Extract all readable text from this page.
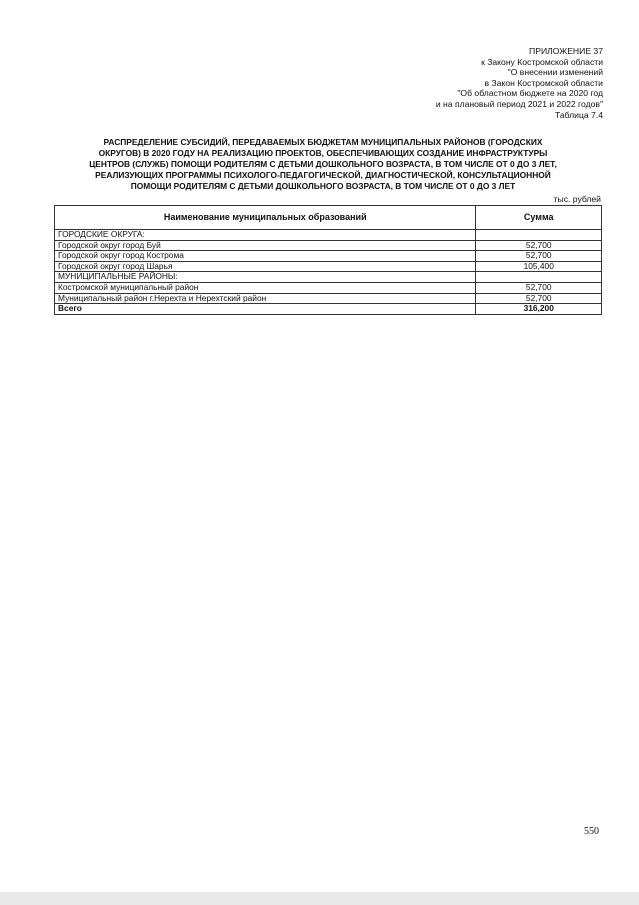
ПРИЛОЖЕНИЕ 37
к Закону Костромской области
"О внесении изменений
в Закон Костромской области
"Об областном бюджете на 2020 год
и на плановый период 2021 и 2022 годов"
Таблица 7.4
РАСПРЕДЕЛЕНИЕ СУБСИДИЙ, ПЕРЕДАВАЕМЫХ БЮДЖЕТАМ МУНИЦИПАЛЬНЫХ РАЙОНОВ (ГОРОДСКИХ
ОКРУГОВ) В 2020 ГОДУ НА РЕАЛИЗАЦИЮ ПРОЕКТОВ, ОБЕСПЕЧИВАЮЩИХ СОЗДАНИЕ ИНФРАСТРУКТУРЫ
ЦЕНТРОВ (СЛУЖБ) ПОМОЩИ РОДИТЕЛЯМ С ДЕТЬМИ ДОШКОЛЬНОГО ВОЗРАСТА, В ТОМ ЧИСЛЕ ОТ 0 ДО 3 ЛЕТ,
РЕАЛИЗУЮЩИХ ПРОГРАММЫ ПСИХОЛОГО-ПЕДАГОГИЧЕСКОЙ, ДИАГНОСТИЧЕСКОЙ, КОНСУЛЬТАЦИОННОЙ
ПОМОЩИ РОДИТЕЛЯМ С ДЕТЬМИ ДОШКОЛЬНОГО ВОЗРАСТА, В ТОМ ЧИСЛЕ ОТ 0 ДО 3 ЛЕТ
тыс. рублей
Наименование муниципальных образований	Сумма
ГОРОДСКИЕ ОКРУГА:	
Городской округ город Буй	52,700
Городской округ город Кострома	52,700
Городской округ город Шарья	105,400
МУНИЦИПАЛЬНЫЕ РАЙОНЫ:	
Костромской муниципальный район	52,700
Муниципальный район г.Нерехта и Нерехтский район	52,700
Всего	316,200
550
